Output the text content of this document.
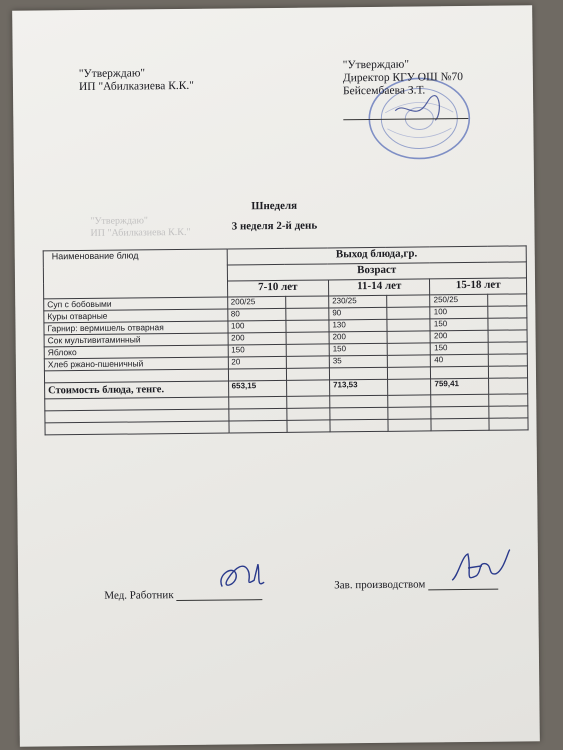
"Утверждаю"
ИП "Абилказиева К.К."
"Утверждаю"
Директор КГУ ОШ №70
Бейсембаева З.Т.
"Утверждаю"
ИП "Абилказиева К.К."
Шнеделя
3 неделя 2-й день
Наименование блюд	Выход блюда,гр.					
	Возраст					
	7-10 лет		11-14 лет		15-18 лет	
Суп с бобовыми	200/25		230/25		250/25	
Куры отварные	80		90		100	
Гарнир: вермишель отварная	100		130		150	
Сок мультивитаминный	200		200		200	
Яблоко	150		150		150	
Хлеб ржано-пшеничный	20		35		40	

Стоимость блюда, тенге.	653,15		713,53		759,41	

Мед. Работник
Зав. производством
